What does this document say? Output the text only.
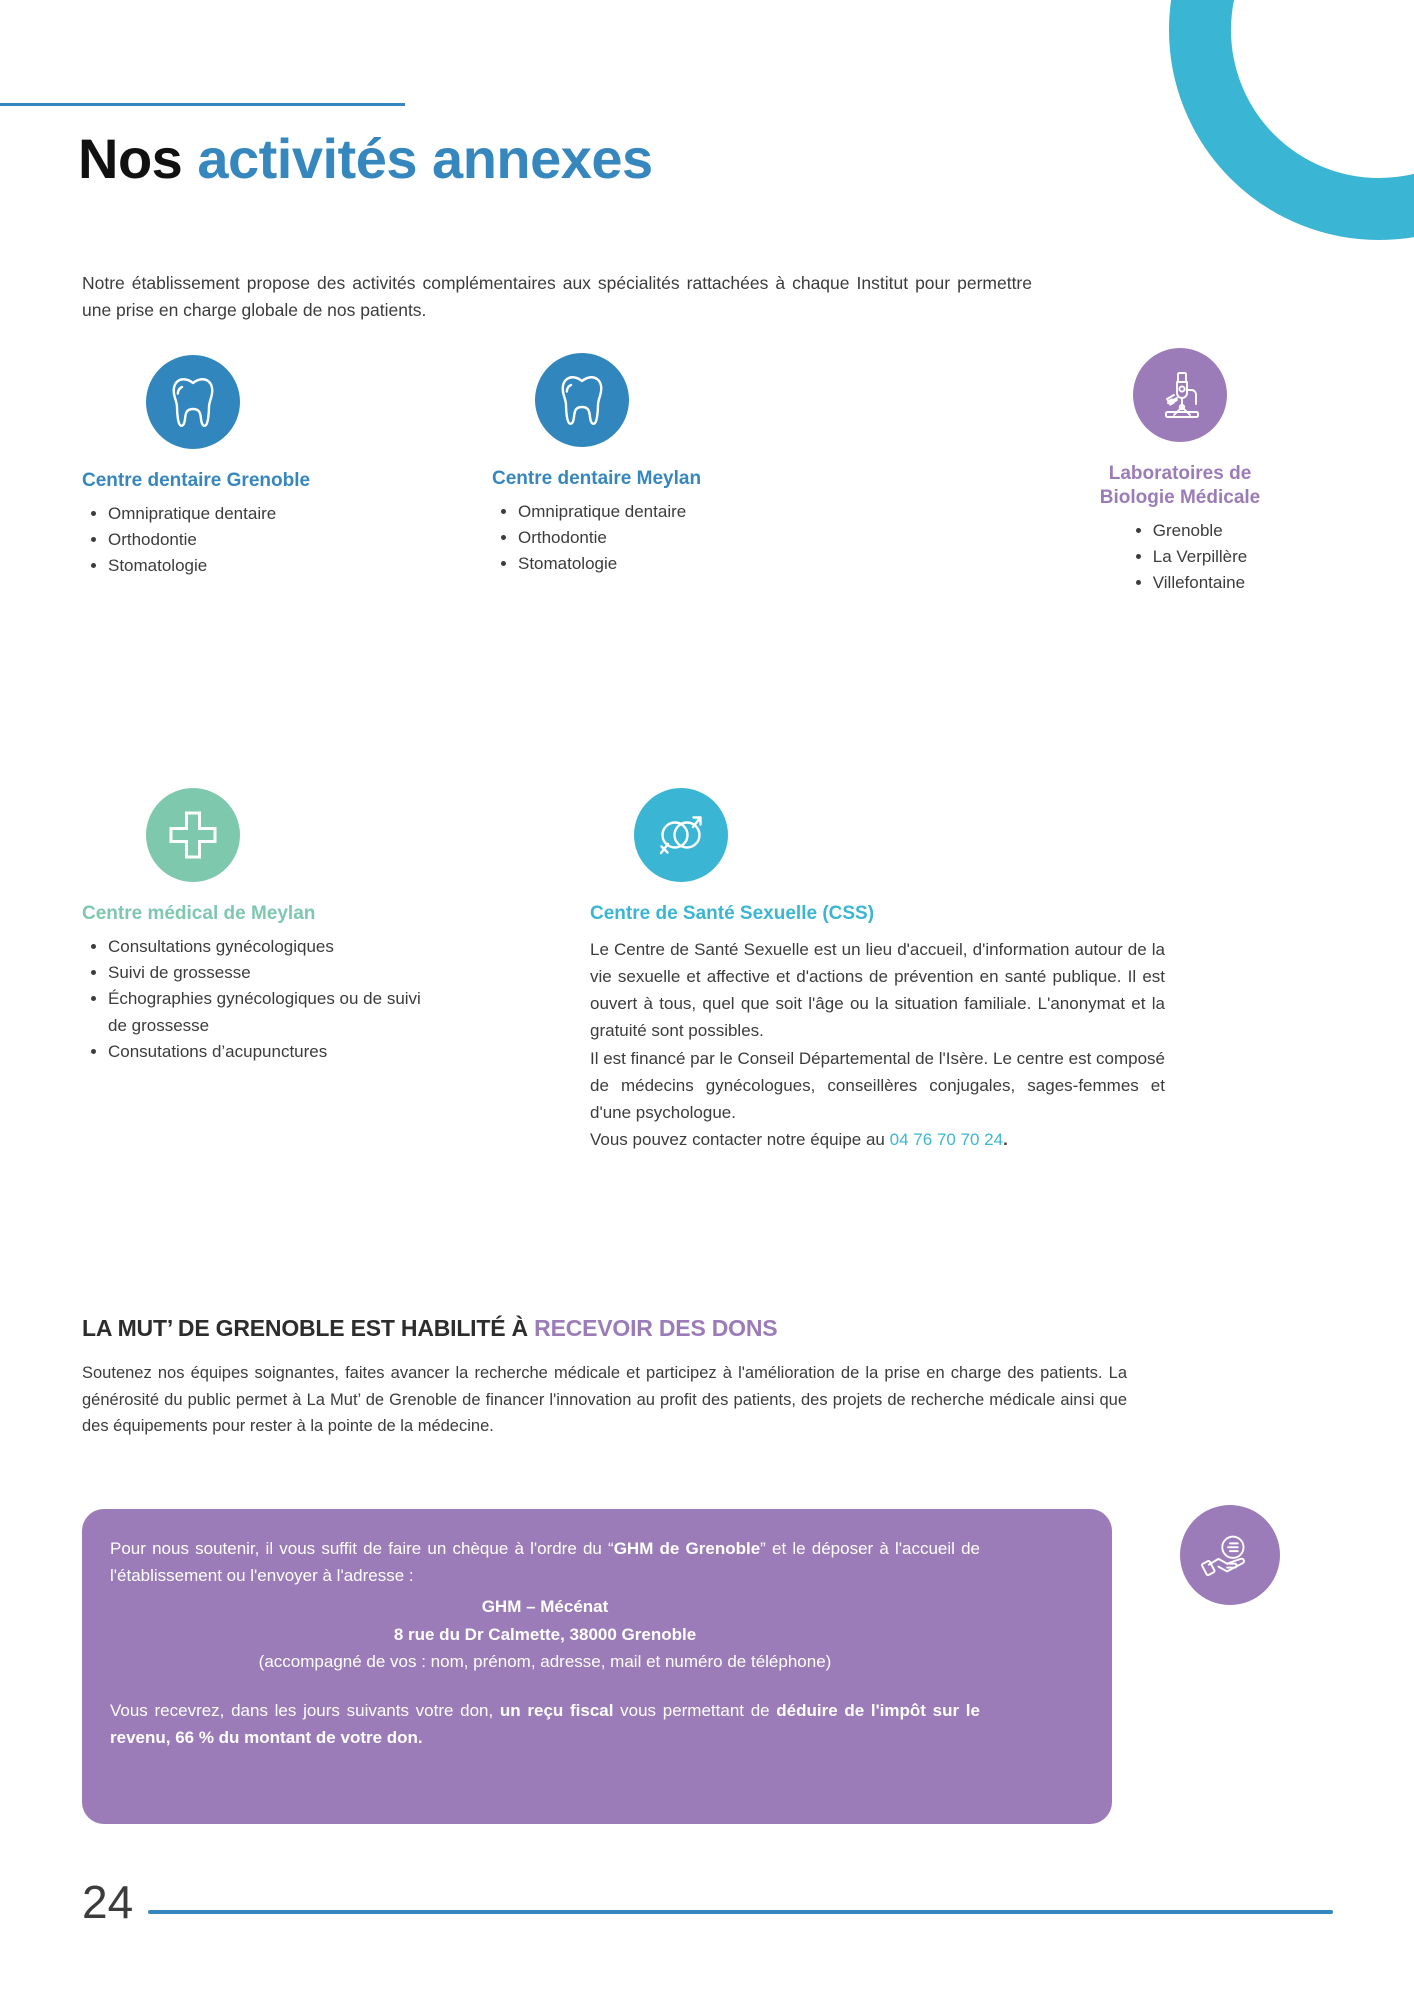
Nos activités annexes
Notre établissement propose des activités complémentaires aux spécialités rattachées à chaque Institut pour permettre une prise en charge globale de nos patients.
Centre dentaire Grenoble
• Omnipratique dentaire
• Orthodontie
• Stomatologie
Centre dentaire Meylan
• Omnipratique dentaire
• Orthodontie
• Stomatologie
Laboratoires de
Biologie Médicale
• Grenoble
• La Verpillère
• Villefontaine
Centre médical de Meylan
• Consultations gynécologiques
• Suivi de grossesse
• Échographies gynécologiques ou de suivi de grossesse
• Consutations d’acupunctures
Centre de Santé Sexuelle (CSS)

Le Centre de Santé Sexuelle est un lieu d'accueil, d'information autour de la vie sexuelle et affective et d'actions de prévention en santé publique. Il est ouvert à tous, quel que soit l'âge ou la situation familiale. L'anonymat et la gratuité sont possibles.

Il est financé par le Conseil Départemental de l'Isère. Le centre est composé de médecins gynécologues, conseillères conjugales, sages-femmes et d'une psychologue.

Vous pouvez contacter notre équipe au 04 76 70 70 24.

LA MUT’ DE GRENOBLE EST HABILITÉ À RECEVOIR DES DONS
Soutenez nos équipes soignantes, faites avancer la recherche médicale et participez à l'amélioration de la prise en charge des patients. La générosité du public permet à La Mut’ de Grenoble de financer l'innovation au profit des patients, des projets de recherche médicale ainsi que des équipements pour rester à la pointe de la médecine.
Pour nous soutenir, il vous suffit de faire un chèque à l'ordre du “GHM de Grenoble” et le déposer à l'accueil de l'établissement ou l'envoyer à l'adresse :
GHM – Mécénat
8 rue du Dr Calmette, 38000 Grenoble
(accompagné de vos : nom, prénom, adresse, mail et numéro de téléphone)
Vous recevrez, dans les jours suivants votre don, un reçu fiscal vous permettant de déduire de l'impôt sur le revenu, 66 % du montant de votre don.
24
